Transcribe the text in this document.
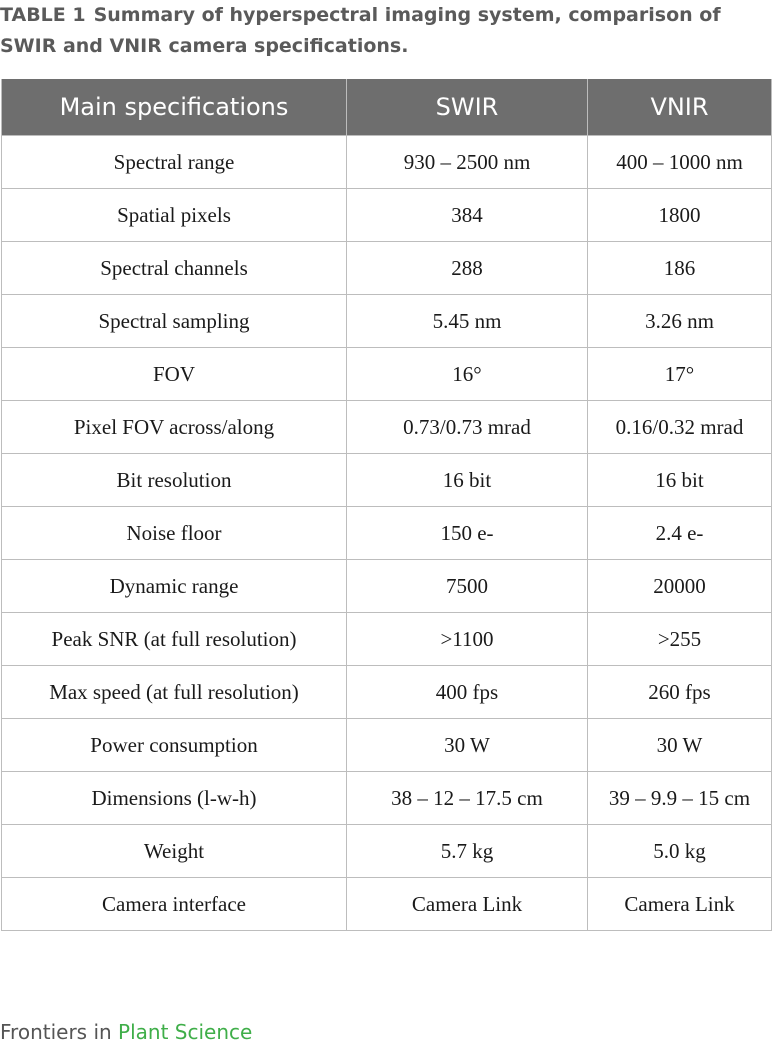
TABLE 1 Summary of hyperspectral imaging system, comparison of
SWIR and VNIR camera specifications.
Main specifications	SWIR	VNIR
Spectral range	930 – 2500 nm	400 – 1000 nm
Spatial pixels	384	1800
Spectral channels	288	186
Spectral sampling	5.45 nm	3.26 nm
FOV	16°	17°
Pixel FOV across/along	0.73/0.73 mrad	0.16/0.32 mrad
Bit resolution	16 bit	16 bit
Noise floor	150 e-	2.4 e-
Dynamic range	7500	20000
Peak SNR (at full resolution)	>1100	>255
Max speed (at full resolution)	400 fps	260 fps
Power consumption	30 W	30 W
Dimensions (l-w-h)	38 – 12 – 17.5 cm	39 – 9.9 – 15 cm
Weight	5.7 kg	5.0 kg
Camera interface	Camera Link	Camera Link
Frontiers in Plant Science
